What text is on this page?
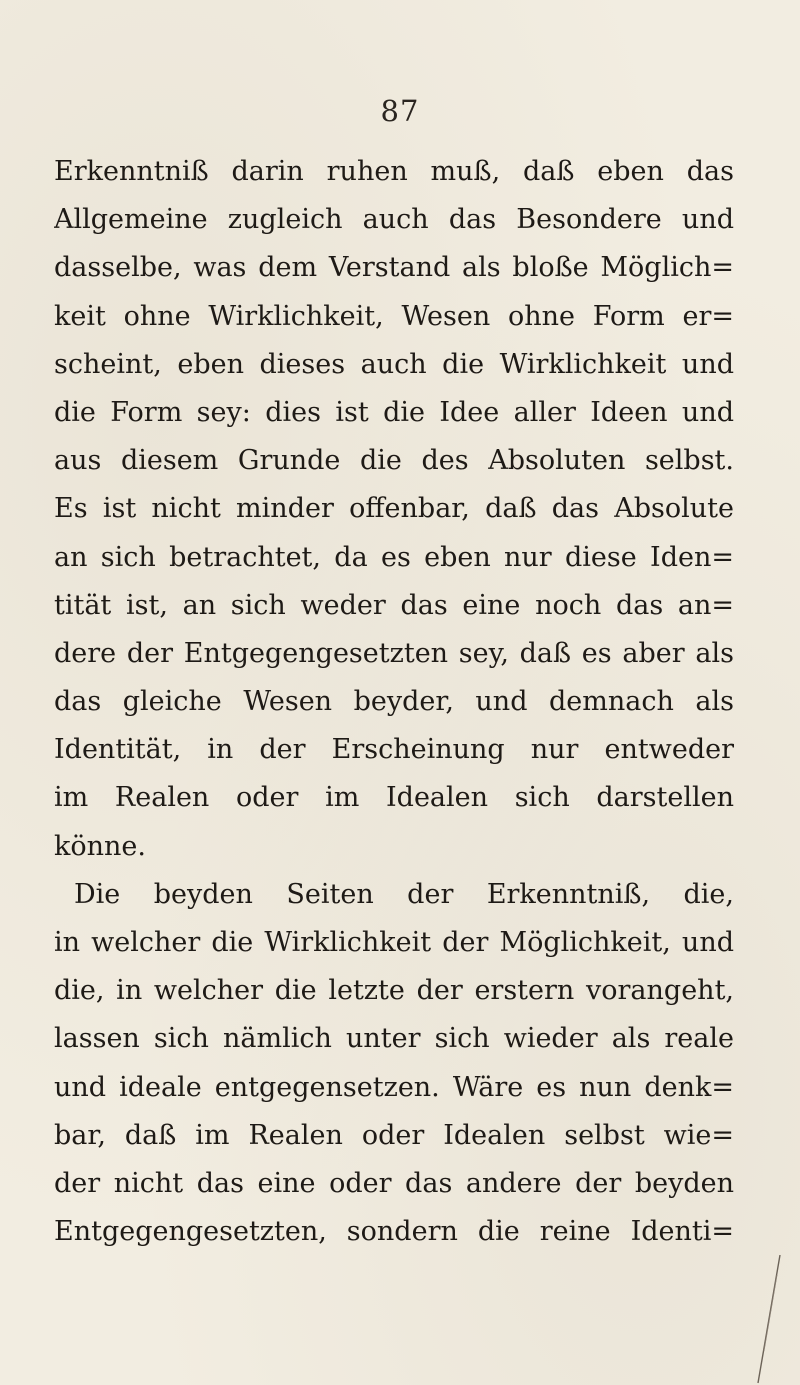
87
Erkenntniß darin ruhen muß, daß eben das
Allgemeine zugleich auch das Besondere und
dasselbe, was dem Verstand als bloße Möglich=
keit ohne Wirklichkeit, Wesen ohne Form er=
scheint, eben dieses auch die Wirklichkeit und
die Form sey: dies ist die Idee aller Ideen und
aus diesem Grunde die des Absoluten selbst.
Es ist nicht minder offenbar, daß das Absolute
an sich betrachtet, da es eben nur diese Iden=
tität ist, an sich weder das eine noch das an=
dere der Entgegengesetzten sey, daß es aber als
das gleiche Wesen beyder, und demnach als
Identität, in der Erscheinung nur entweder
im Realen oder im Idealen sich darstellen
könne.
Die beyden Seiten der Erkenntniß, die,
in welcher die Wirklichkeit der Möglichkeit, und
die, in welcher die letzte der erstern vorangeht,
lassen sich nämlich unter sich wieder als reale
und ideale entgegensetzen. Wäre es nun denk=
bar, daß im Realen oder Idealen selbst wie=
der nicht das eine oder das andere der beyden
Entgegengesetzten, sondern die reine Identi=
